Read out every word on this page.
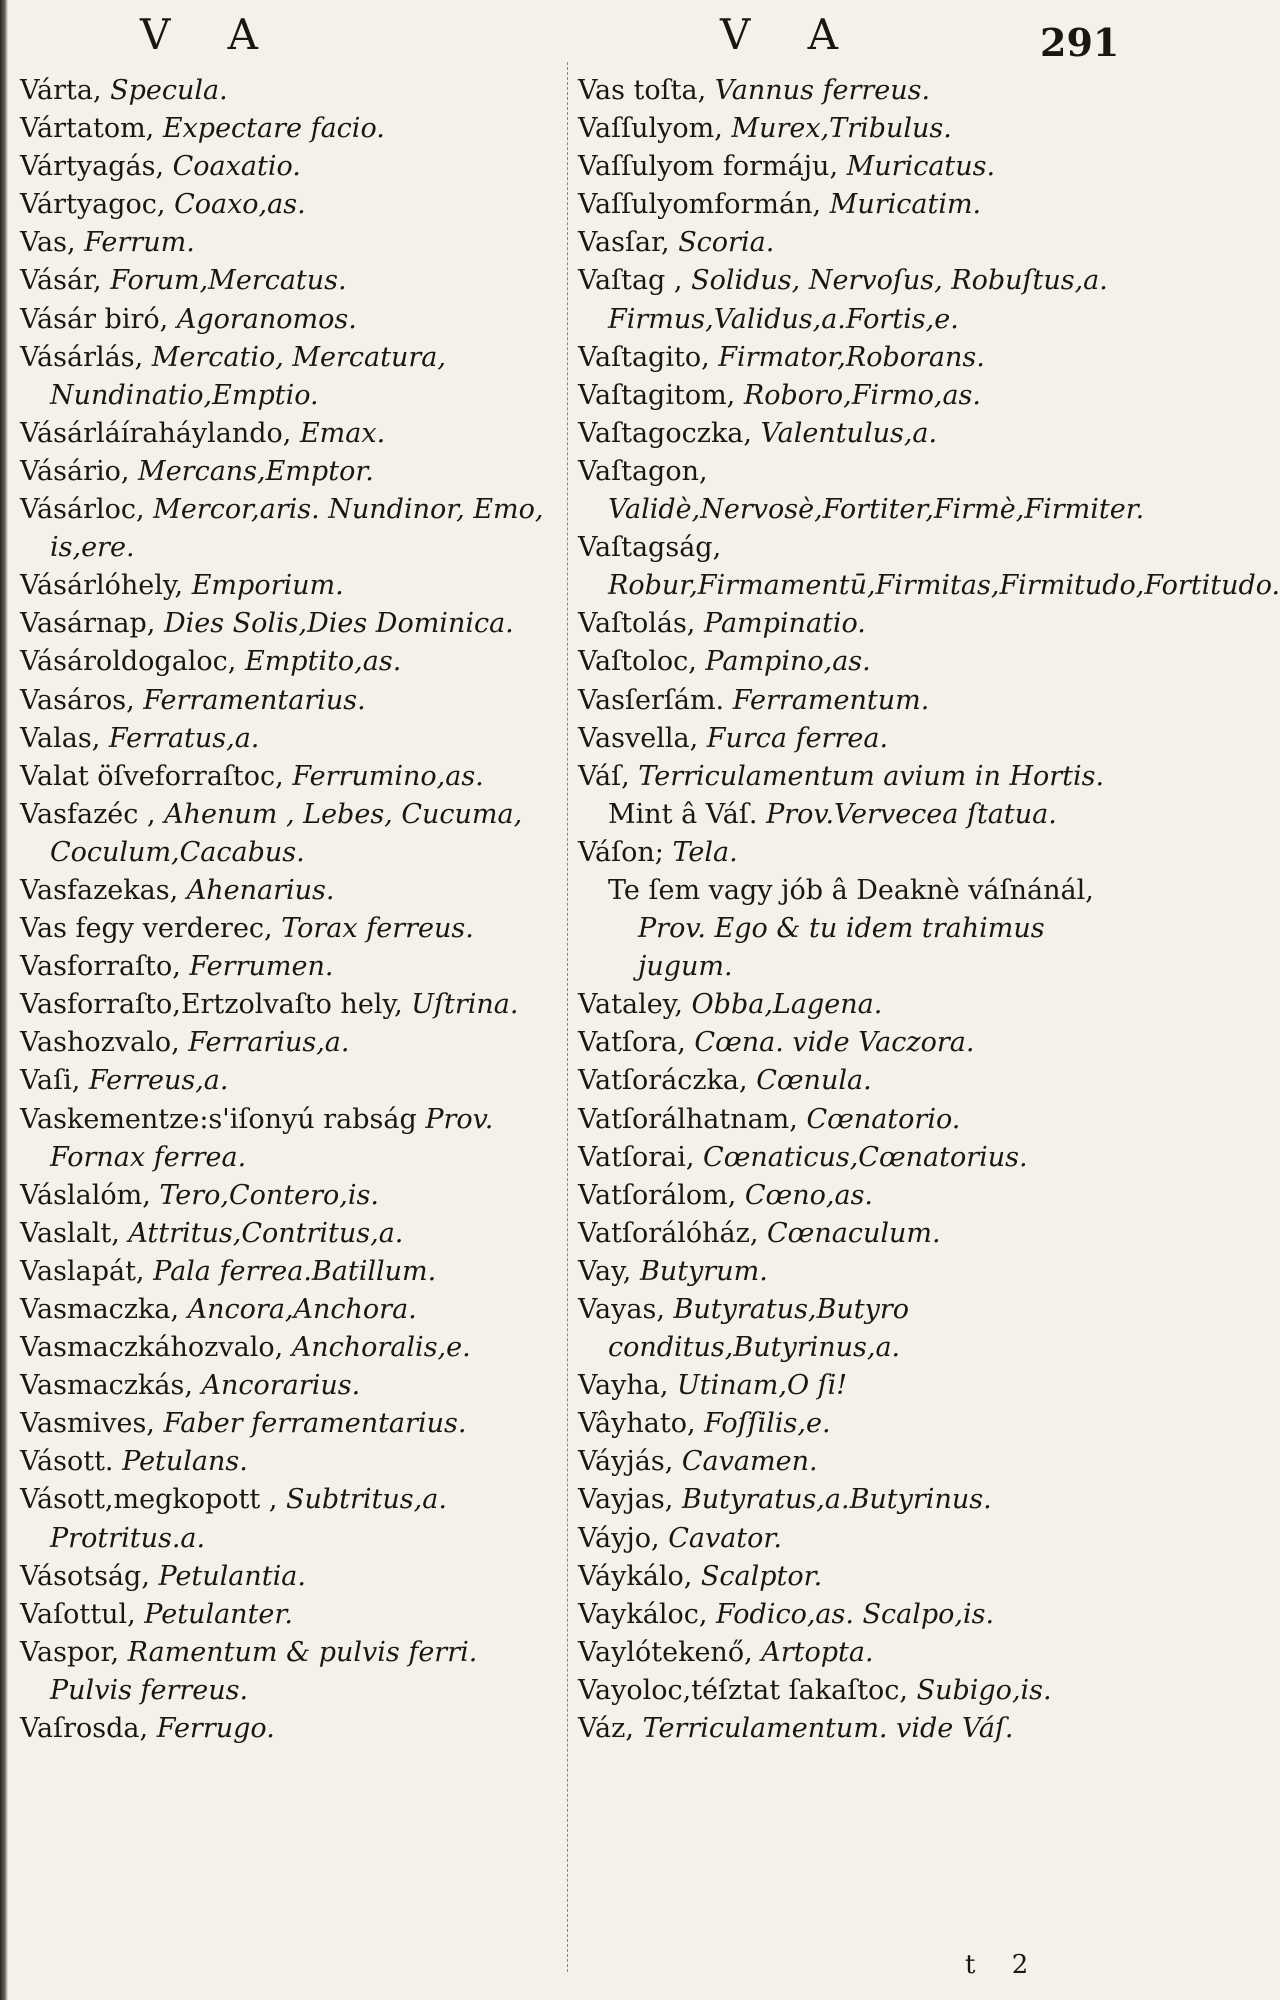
V A	V A	291
Várta, Specula.
Vártatom, Expectare facio.
Vártyagás, Coaxatio.
Vártyagoc, Coaxo,as.
Vas, Ferrum.
Vásár, Forum,Mercatus.
Vásár biró, Agoranomos.
Vásárlás, Mercatio, Mercatura, Nundinatio,Emptio.
Vásárláíraháylando, Emax.
Vásário, Mercans,Emptor.
Vásárloc, Mercor,aris. Nundinor, Emo, is,ere.
Vásárlóhely, Emporium.
Vasárnap, Dies Solis,Dies Dominica.
Vásároldogaloc, Emptito,as.
Vasáros, Ferramentarius.
Valas, Ferratus,a.
Valat öſveforraſtoc, Ferrumino,as.
Vasfazéc , Ahenum , Lebes, Cucuma, Coculum,Cacabus.
Vasfazekas, Ahenarius.
Vas fegy verderec, Torax ferreus.
Vasforraſto, Ferrumen.
Vasforraſto,Ertzolvaſto hely, Uſtrina.
Vashozvalo, Ferrarius,a.
Vaſi, Ferreus,a.
Vaskementze:s'iſonyú rabság Prov. Fornax ferrea.
Váslalóm, Tero,Contero,is.
Vaslalt, Attritus,Contritus,a.
Vaslapát, Pala ferrea.Batillum.
Vasmaczka, Ancora,Anchora.
Vasmaczkáhozvalo, Anchoralis,e.
Vasmaczkás, Ancorarius.
Vasmives, Faber ferramentarius.
Vásott. Petulans.
Vásott,megkopott , Subtritus,a. Protritus.a.
Vásotság, Petulantia.
Vaſottul, Petulanter.
Vaspor, Ramentum & pulvis ferri. Pulvis ferreus.
Vaſrosda, Ferrugo.
Vas toſta, Vannus ferreus.
Vaſſulyom, Murex,Tribulus.
Vaſſulyom formáju, Muricatus.
Vaſſulyomformán, Muricatim.
Vasſar, Scoria.
Vaſtag , Solidus, Nervoſus, Robuſtus,a. Firmus,Validus,a.Fortis,e.
Vaſtagito, Firmator,Roborans.
Vaſtagitom, Roboro,Firmo,as.
Vaſtagoczka, Valentulus,a.
Vaſtagon, Validè,Nervosè,Fortiter,Firmè,Firmiter.
Vaſtagság, Robur,Firmamentū,Firmitas,Firmitudo,Fortitudo.
Vaſtolás, Pampinatio.
Vaſtoloc, Pampino,as.
Vasſerſám. Ferramentum.
Vasvella, Furca ferrea.
Váſ, Terriculamentum avium in Hortis.
Mint â Váſ. Prov.Vervecea ſtatua.
Váſon; Tela.
Te ſem vagy jób â Deaknè váſnánál, Prov. Ego & tu idem trahimus jugum.
Vataley, Obba,Lagena.
Vatſora, Cœna. vide Vaczora.
Vatſoráczka, Cœnula.
Vatſorálhatnam, Cœnatorio.
Vatſorai, Cœnaticus,Cœnatorius.
Vatſorálom, Cœno,as.
Vatſorálóház, Cœnaculum.
Vay, Butyrum.
Vayas, Butyratus,Butyro conditus,Butyrinus,a.
Vayha, Utinam,O ſi!
Vâyhato, Foſſilis,e.
Váyjás, Cavamen.
Vayjas, Butyratus,a.Butyrinus.
Váyjo, Cavator.
Váykálo, Scalptor.
Vaykáloc, Fodico,as. Scalpo,is.
Vaylótekenő, Artopta.
Vayoloc,téſztat ſakaſtoc, Subigo,is.
Váz, Terriculamentum. vide Váſ.
t 2
